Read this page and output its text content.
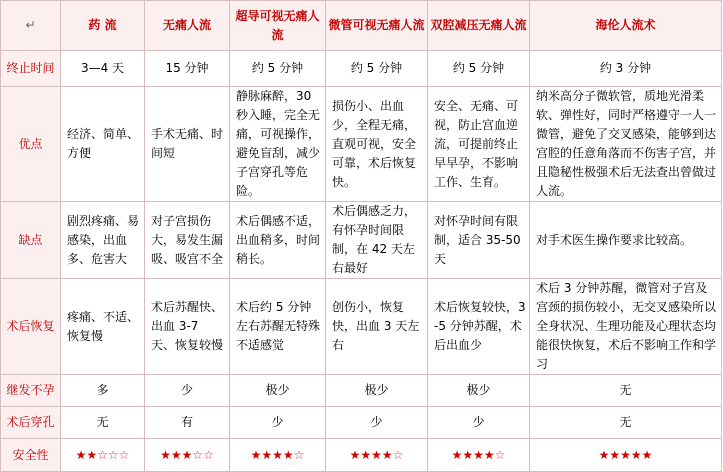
↵	药 流	无痛人流	超导可视无痛人流	微管可视无痛人流	双腔减压无痛人流	海伦人流术
终止时间	3—4 天	15 分钟	约 5 分钟	约 5 分钟	约 5 分钟	约 3 分钟
优点	经济、简单、方便	手术无痛、时间短	静脉麻醉，30 秒入睡，完全无痛，可视操作，避免盲刮，减少子宫穿孔等危险。	损伤小、出血少，全程无痛，直观可视，安全可靠，术后恢复快。	安全、无痛、可视，防止宫血逆流，可提前终止早早孕，不影响工作、生育。	纳米高分子微软管，质地光滑柔软、弹性好，同时严格遵守一人一微管，避免了交叉感染，能够到达宫腔的任意角落而不伤害子宫，并且隐秘性极强术后无法查出曾做过人流。
缺点	剧烈疼痛、易感染，出血多、危害大	对子宫损伤大，易发生漏吸、吸宫不全	术后偶感不适，出血稍多，时间稍长。	术后偶感乏力，有怀孕时间限制，在 42 天左右最好	对怀孕时间有限制，适合 35-50 天	对手术医生操作要求比较高。
术后恢复	疼痛、不适、恢复慢	术后苏醒快、出血 3-7 天、恢复较慢	术后约 5 分钟左右苏醒无特殊不适感觉	创伤小，恢复快，出血 3 天左右	术后恢复较快，3-5 分钟苏醒，术后出血少	术后 3 分钟苏醒，微管对子宫及宫颈的损伤较小，无交叉感染所以全身状况、生理功能及心理状态均能很快恢复，术后不影响工作和学习
继发不孕	多	少	极少	极少	极少	无
术后穿孔	无	有	少	少	少	无
安全性	★★☆☆☆	★★★☆☆	★★★★☆	★★★★☆	★★★★☆	★★★★★
